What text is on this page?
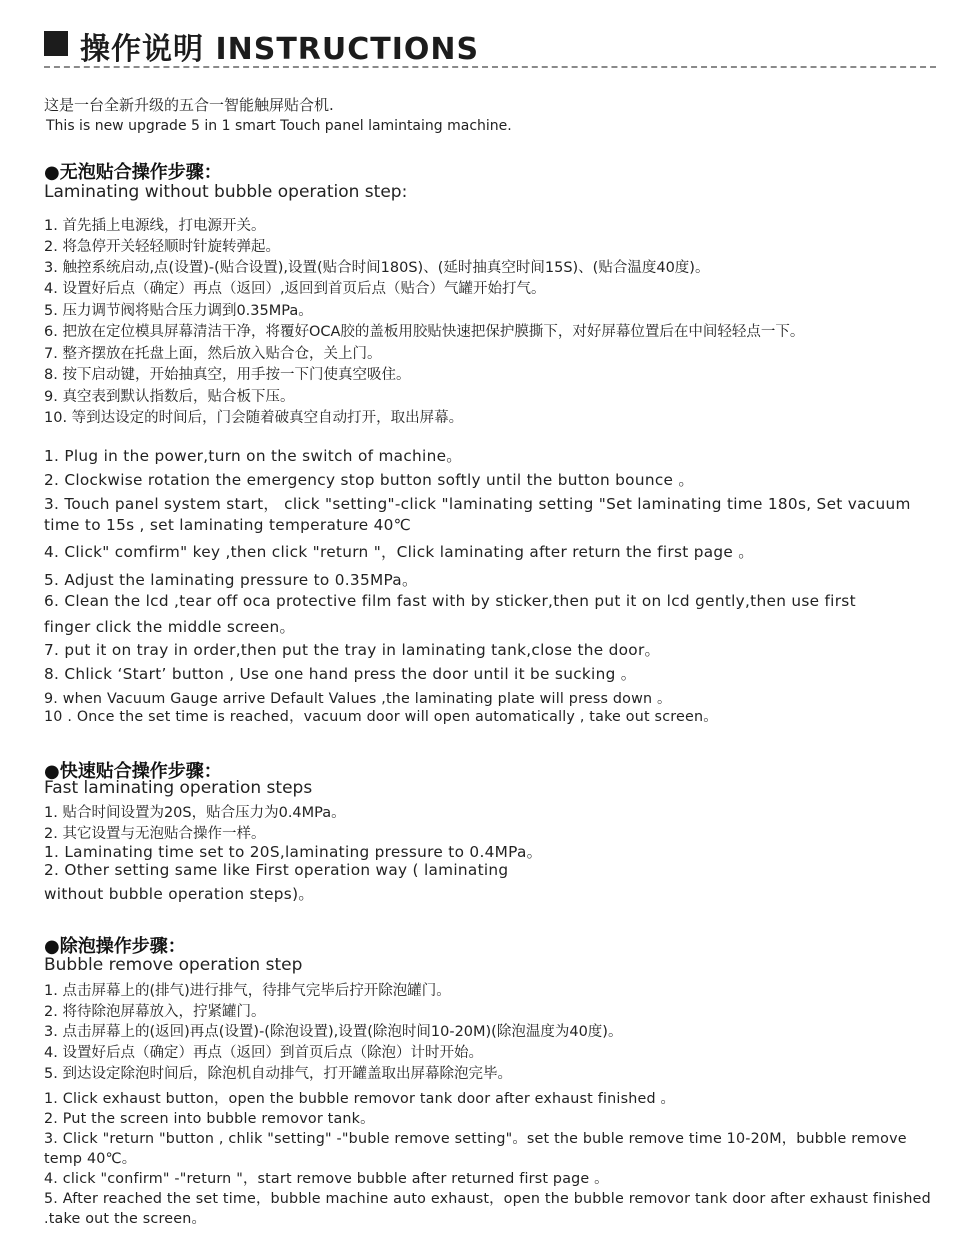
操作说明 INSTRUCTIONS
这是一台全新升级的五合一智能触屏贴合机.
This is new upgrade 5 in 1 smart Touch panel lamintaing machine.
●无泡贴合操作步骤：
Laminating without bubble operation step:
1. 首先插上电源线，打电源开关。
2. 将急停开关轻轻顺时针旋转弹起。
3. 触控系统启动,点(设置)-(贴合设置),设置(贴合时间180S)、(延时抽真空时间15S)、(贴合温度40度)。
4. 设置好后点（确定）再点（返回）,返回到首页后点（贴合）气罐开始打气。
5. 压力调节阀将贴合压力调到0.35MPa。
6. 把放在定位模具屏幕清洁干净，将覆好OCA胶的盖板用胶贴快速把保护膜撕下，对好屏幕位置后在中间轻轻点一下。
7. 整齐摆放在托盘上面，然后放入贴合仓，关上门。
8. 按下启动键，开始抽真空，用手按一下门使真空吸住。
9. 真空表到默认指数后，贴合板下压。
10. 等到达设定的时间后，门会随着破真空自动打开，取出屏幕。
1. Plug in the power,turn on the switch of machine。
2. Clockwise rotation the emergency stop button softly until the button bounce 。
3. Touch panel system start， click "setting"-click "laminating setting "Set laminating time 180s, Set vacuum
time to 15s , set laminating temperature 40℃
4. Click" comfirm" key ,then click "return "，Click laminating after return the first page 。
5. Adjust the laminating pressure to 0.35MPa。
6. Clean the lcd ,tear off oca protective film fast with by sticker,then put it on lcd gently,then use first
finger click the middle screen。
7. put it on tray in order,then put the tray in laminating tank,close the door。
8. Chlick ‘Start’ button , Use one hand press the door until it be sucking 。
9. when Vacuum Gauge arrive Default Values ,the laminating plate will press down 。
10 . Once the set time is reached，vacuum door will open automatically , take out screen。
●快速贴合操作步骤：
Fast laminating operation steps
1. 贴合时间设置为20S，贴合压力为0.4MPa。
2. 其它设置与无泡贴合操作一样。
1. Laminating time set to 20S,laminating pressure to 0.4MPa。
2. Other setting same like First operation way ( laminating
without bubble operation steps)。
●除泡操作步骤：
Bubble remove operation step
1. 点击屏幕上的(排气)进行排气，待排气完毕后拧开除泡罐门。
2. 将待除泡屏幕放入，拧紧罐门。
3. 点击屏幕上的(返回)再点(设置)-(除泡设置),设置(除泡时间10-20M)(除泡温度为40度)。
4. 设置好后点（确定）再点（返回）到首页后点（除泡）计时开始。
5. 到达设定除泡时间后，除泡机自动排气，打开罐盖取出屏幕除泡完毕。
1. Click exhaust button，open the bubble removor tank door after exhaust finished 。
2. Put the screen into bubble removor tank。
3. Click "return "button , chlik "setting" -"buble remove setting"。set the buble remove time 10-20M，bubble remove
temp 40℃。
4. click "confirm" -"return "，start remove bubble after returned first page 。
5. After reached the set time，bubble machine auto exhaust，open the bubble removor tank door after exhaust finished
.take out the screen。
